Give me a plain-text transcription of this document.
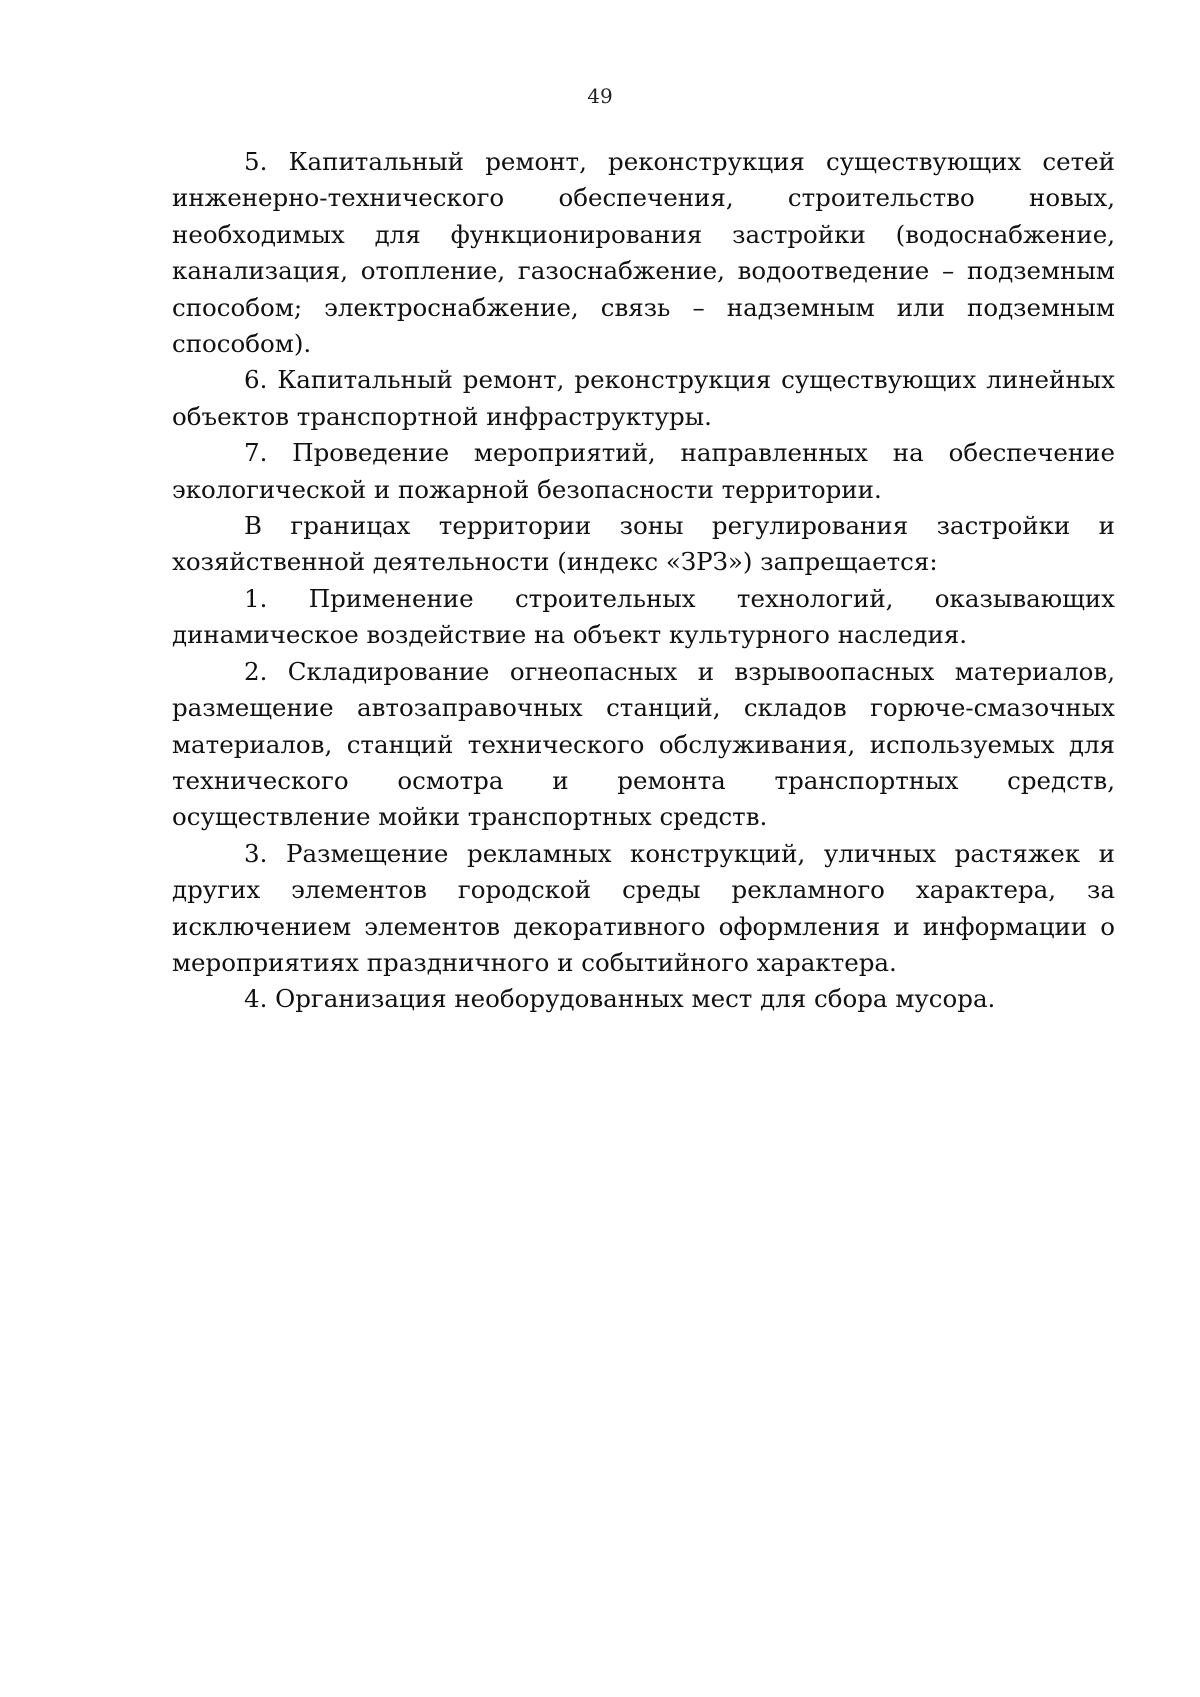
49

5. Капитальный ремонт, реконструкция существующих сетей инженерно-технического обеспечения, строительство новых, необходимых для функционирования застройки (водоснабжение, канализация, отопление, газоснабжение, водоотведение – подземным способом; электроснабжение, связь – надземным или подземным способом).

6. Капитальный ремонт, реконструкция существующих линейных объектов транспортной инфраструктуры.

7. Проведение мероприятий, направленных на обеспечение экологической и пожарной безопасности территории.

В границах территории зоны регулирования застройки и хозяйственной деятельности (индекс «ЗРЗ») запрещается:

1. Применение строительных технологий, оказывающих динамическое воздействие на объект культурного наследия.

2. Складирование огнеопасных и взрывоопасных материалов, размещение автозаправочных станций, складов горюче-смазочных материалов, станций технического обслуживания, используемых для технического осмотра и ремонта транспортных средств, осуществление мойки транспортных средств.

3. Размещение рекламных конструкций, уличных растяжек и других элементов городской среды рекламного характера, за исключением элементов декоративного оформления и информации о мероприятиях праздничного и событийного характера.

4. Организация необорудованных мест для сбора мусора.
